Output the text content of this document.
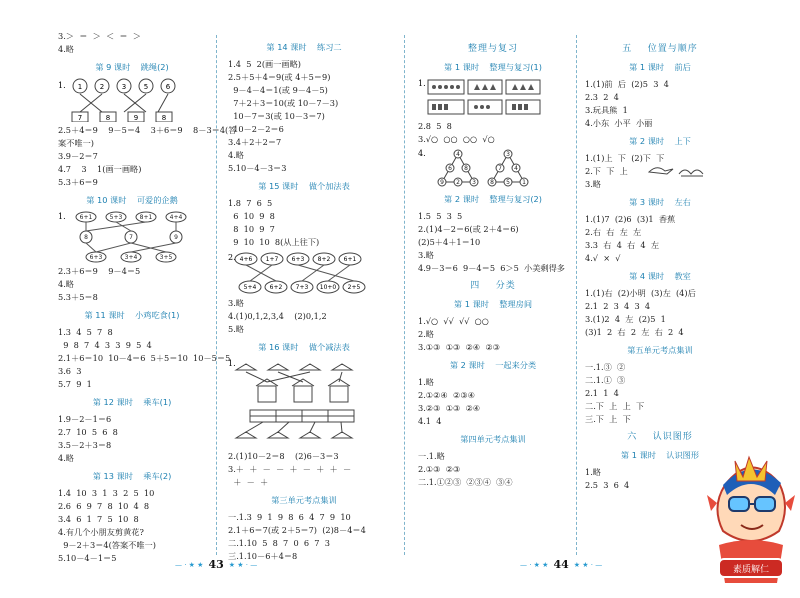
3.＞  ＝  ＞  ＜  ＝  ＞
4.略
第 9 课时    跳绳(2)
1	2	3	5	6
7	8	9	8
1.
2.5＋4＝9    9－5＝4    3＋6＝9    8－3＝4(答
案不唯一)
3.9－2＝7
4.7    3    1(画一画略)
5.3＋6＝9
第 10 课时    可爱的企鹅
1. 6+1	5+3	8+1	4+4
8	7	9
6+3	3+4	3+5
2.3＋6＝9    9－4＝5
4.略
5.3＋5＝8
第 11 课时    小鸡吃食(1)
1.3  4  5  7  8
9  8  7  4  3  3  9  5  4
2.1＋6＝10  10－4＝6  5＋5＝10  10－5＝5
3.6  3
5.7  9  1
第 12 课时    乘车(1)
1.9－2－1＝6
2.7  10  5  6  8
3.5－2＋3＝8
4.略
第 13 课时    乘车(2)
1.4  10  3  1  3  2  5  10
2.6  6  9  7  8  10  4  8
3.4  6  1  7  5  10  8
4.有几个小朋友剪黄花?
9－2＋3＝4(答案不唯一)
5.10－4－1＝5
第 14 课时    练习二
1.4  5  2(画一画略)
2.5＋5＋4＝9(或 4＋5＝9)
9－4－4＝1(或 9－4－5)
7＋2＋3＝10(或 10－7－3)
10－7＝3(或 10－3＝7)
10－2－2＝6
3.4＋2＋2＝7
4.略
5.10－4－3＝3
第 15 课时    做个加法表
1.8  7  6  5
6  10  9  8
8  10  9  7
9  10  10  8(从上往下)
2. 4+6 1+7 6+3 8+2 6+1
5+4 6+2 7+3 10+0 2+5
3.略
4.(1)0,1,2,3,4    (2)0,1,2
5.略
第 16 课时    做个减法表
1.
2.(1)10－2＝8    (2)6－3＝3
3.＋  ＋  －  －  ＋  －  ＋  ＋  －
＋  －  ＋
第三单元考点集训
一.1.3  9  1  9  8  6  4  7  9  10
2.1＋6＝7(或 2＋5＝7)  (2)8－4＝4
二.1.10  5  8  7  0  6  7  3
三.1.10－6＋4＝8
整理与复习
第 1 课时    整理与复习(1)
1.
2.8  5  8
3.√○  ○○  ○○  √○
4.	4
6 8
9 2 3
3
7 4
8 5 1
第 2 课时    整理与复习(2)
1.5  5  3  5
2.(1)4－2＝6(或 2＋4＝6)
(2)5＋4＋1＝10
3.略
4.9－3＝6  9－4＝5  6＞5  小美剩得多
四    分类
第 1 课时    整理房间
1.√○  √√  √√  ○○
2.略
3.①③  ①③  ②④  ②③
第 2 课时    一起来分类
1.略
2.①②④  ②③④
3.②③  ①③  ②④
4.1  4
第四单元考点集训
一.1.略
2.①③  ②③
二.1.①②③  ②③④  ③④
五    位置与顺序
第 1 课时    前后
1.(1)前  后  (2)5  3  4
2.3  2  4
3.玩具熊  1
4.小东  小平  小丽
第 2 课时    上下
1.(1)上  下  (2)下  下
2.下  下  上
3.略
第 3 课时    左右
1.(1)7  (2)6  (3)1  香蕉
2.右  右  左  左
3.3  右  4  右  4  左
4.√  ×  √
第 4 课时    教室
1.(1)右  (2)小明  (3)左  (4)后
2.1  2  3  4  3  4
3.(1)2  4  左  (2)5  1
(3)1  2  右  2  左  右  2  4
第五单元考点集训
一.1.③  ②
二.1.①  ③
2.1  1  4
二.下  上  上  下
三.下  上  下
六    认识图形
第 1 课时    认识图形
1.略
2.5  3  6  4
— · ★ ★ 43 ★ ★ · —	— · ★ ★ 44 ★ ★ · —
素质解仁
